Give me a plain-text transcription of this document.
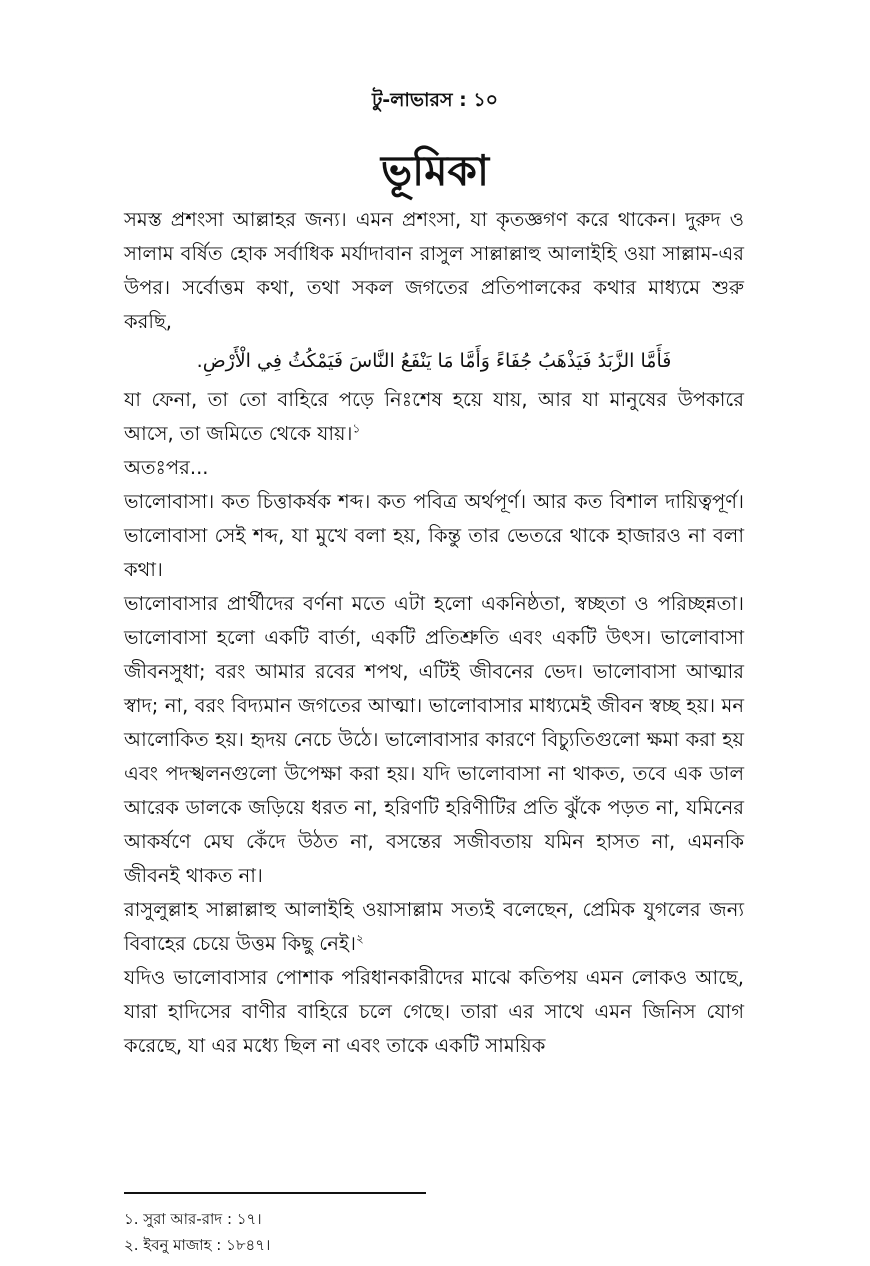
টু-লাভারস : ১০
ভূমিকা

সমস্ত প্রশংসা আল্লাহর জন্য। এমন প্রশংসা, যা কৃতজ্ঞগণ করে থাকেন। দুরুদ ও সালাম বর্ষিত হোক সর্বাধিক মর্যাদাবান রাসুল সাল্লাল্লাহু আলাইহি ওয়া সাল্লাম-এর উপর। সর্বোত্তম কথা, তথা সকল জগতের প্রতিপালকের কথার মাধ্যমে শুরু করছি,

فَأَمَّا الزَّبَدُ فَيَذْهَبُ جُفَاءً وَأَمَّا مَا يَنْفَعُ النَّاسَ فَيَمْكُثُ فِي الْأَرْضِ.

যা ফেনা, তা তো বাহিরে পড়ে নিঃশেষ হয়ে যায়, আর যা মানুষের উপকারে আসে, তা জমিতে থেকে যায়।$^১$

অতঃপর...

ভালোবাসা। কত চিত্তাকর্ষক শব্দ। কত পবিত্র অর্থপূর্ণ। আর কত বিশাল দায়িত্বপূর্ণ। ভালোবাসা সেই শব্দ, যা মুখে বলা হয়, কিন্তু তার ভেতরে থাকে হাজারও না বলা কথা।

ভালোবাসার প্রার্থীদের বর্ণনা মতে এটা হলো একনিষ্ঠতা, স্বচ্ছতা ও পরিচ্ছন্নতা। ভালোবাসা হলো একটি বার্তা, একটি প্রতিশ্রুতি এবং একটি উৎস। ভালোবাসা জীবনসুধা; বরং আমার রবের শপথ, এটিই জীবনের ভেদ। ভালোবাসা আত্মার স্বাদ; না, বরং বিদ্যমান জগতের আত্মা। ভালোবাসার মাধ্যমেই জীবন স্বচ্ছ হয়। মন আলোকিত হয়। হৃদয় নেচে উঠে। ভালোবাসার কারণে বিচ্যুতিগুলো ক্ষমা করা হয় এবং পদস্খলনগুলো উপেক্ষা করা হয়। যদি ভালোবাসা না থাকত, তবে এক ডাল আরেক ডালকে জড়িয়ে ধরত না, হরিণটি হরিণীটির প্রতি ঝুঁকে পড়ত না, যমিনের আকর্ষণে মেঘ কেঁদে উঠত না, বসন্তের সজীবতায় যমিন হাসত না, এমনকি জীবনই থাকত না।

রাসুলুল্লাহ সাল্লাল্লাহু আলাইহি ওয়াসাল্লাম সত্যই বলেছেন, প্রেমিক যুগলের জন্য বিবাহের চেয়ে উত্তম কিছু নেই।$^২$

যদিও ভালোবাসার পোশাক পরিধানকারীদের মাঝে কতিপয় এমন লোকও আছে, যারা হাদিসের বাণীর বাহিরে চলে গেছে। তারা এর সাথে এমন জিনিস যোগ করেছে, যা এর মধ্যে ছিল না এবং তাকে একটি সাময়িক

১. সুরা আর-রাদ : ১৭।
২. ইবনু মাজাহ : ১৮৪৭।
